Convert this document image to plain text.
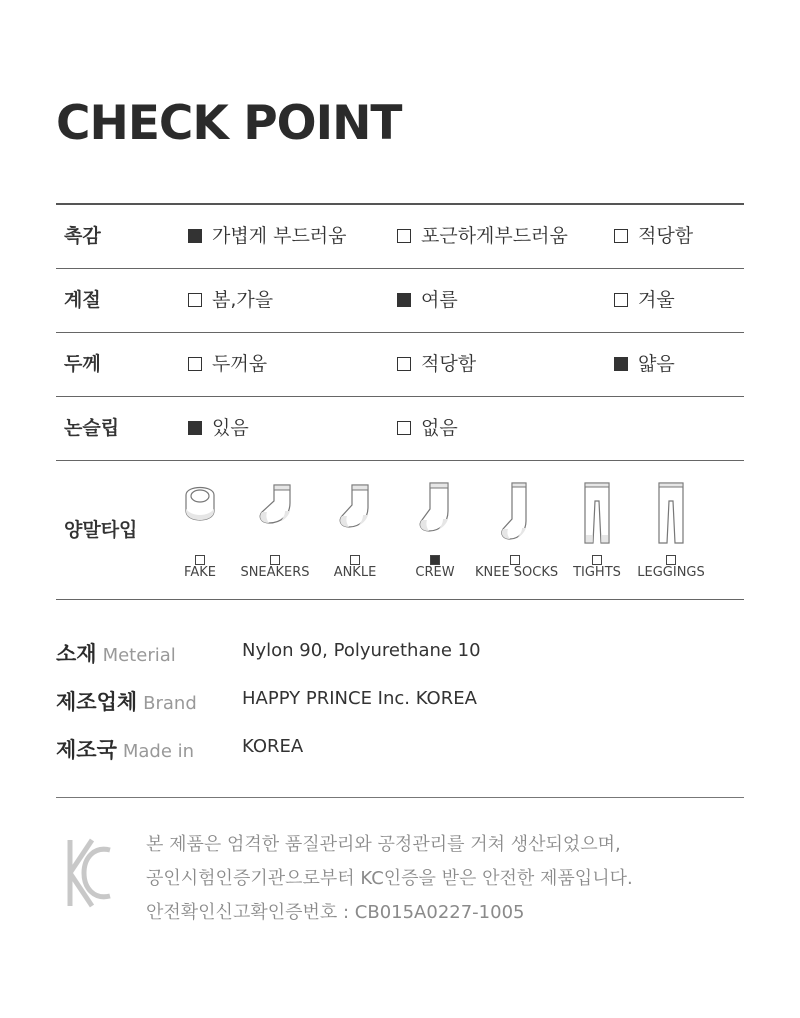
CHECK POINT
촉감	가볍게 부드러움	포근하게부드러움	적당함
계절	봄,가을	여름	겨울
두께	두꺼움	적당함	얇음
논슬립	있음	없음
양말타입
FAKE	SNEAKERS	ANKLE	CREW	KNEE SOCKS	TIGHTS	LEGGINGS
소재 Meterial	Nylon 90, Polyurethane 10
제조업체 Brand	HAPPY PRINCE Inc. KOREA
제조국 Made in	KOREA
본 제품은 엄격한 품질관리와 공정관리를 거쳐 생산되었으며,
공인시험인증기관으로부터 KC인증을 받은 안전한 제품입니다.
안전확인신고확인증번호 : CB015A0227-1005
